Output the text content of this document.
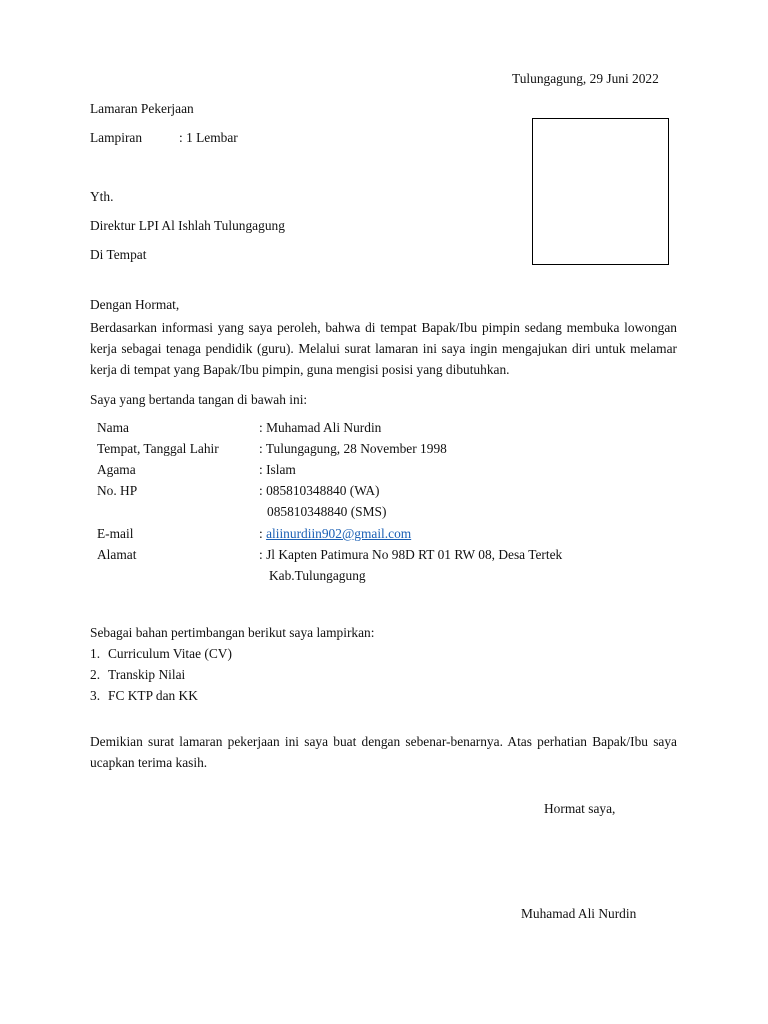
Tulungagung, 29 Juni 2022
Lamaran Pekerjaan
Lampiran	: 1 Lembar
Yth.
Direktur LPI Al Ishlah Tulungagung
Di Tempat
Dengan Hormat,
Berdasarkan informasi yang saya peroleh, bahwa di tempat Bapak/Ibu pimpin sedang membuka lowongan kerja sebagai tenaga pendidik (guru). Melalui surat lamaran ini saya ingin mengajukan diri untuk melamar kerja di tempat yang Bapak/Ibu pimpin, guna mengisi posisi yang dibutuhkan.
Saya yang bertanda tangan di bawah ini:
Nama	: Muhamad Ali Nurdin
Tempat, Tanggal Lahir	: Tulungagung, 28 November 1998
Agama	: Islam
No. HP	: 085810348840 (WA)
085810348840 (SMS)
E-mail	: aliinurdiin902@gmail.com
Alamat	: Jl Kapten Patimura No 98D RT 01 RW 08, Desa Tertek
Kab.Tulungagung
Sebagai bahan pertimbangan berikut saya lampirkan:
1. Curriculum Vitae (CV)
2. Transkip Nilai
3. FC KTP dan KK
Demikian surat lamaran pekerjaan ini saya buat dengan sebenar-benarnya. Atas perhatian Bapak/Ibu saya ucapkan terima kasih.
Hormat saya,
Muhamad Ali Nurdin
